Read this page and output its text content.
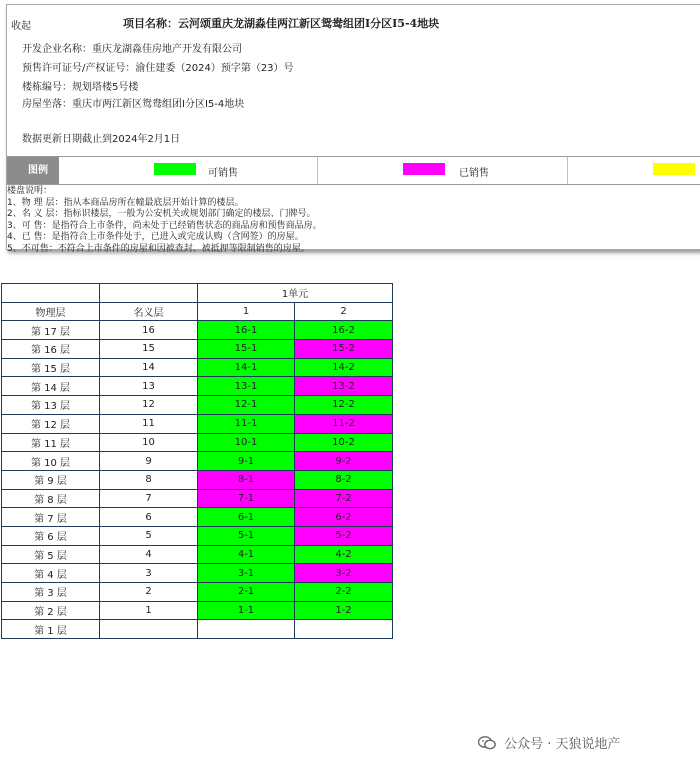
收起	项目名称：云河颂重庆龙湖淼佳两江新区鸳鸯组团I分区I5-4地块
开发企业名称：重庆龙湖淼佳房地产开发有限公司
预售许可证号/产权证号：渝住建委（2024）预字第（23）号
楼栋编号：规划塔楼5号楼
房屋坐落：重庆市两江新区鸳鸯组团I分区I5-4地块
数据更新日期截止到2024年2月1日
图例	可销售	已销售
楼盘说明：
1、物 理 层：指从本商品房所在幢最底层开始计算的楼层。
2、名 义 层：指标识楼层，一般为公安机关或规划部门确定的楼层、门牌号。
3、可 售：是指符合上市条件，尚未处于已经销售状态的商品房和预售商品房。
4、已 售：是指符合上市条件处于，已进入或完成认购（含网签）的房屋。
5、不可售：不符合上市条件的房屋和因被查封、被抵押等限制销售的房屋。
		1单元	
物理层	名义层	1	2
第 17 层	16	16-1	16-2
第 16 层	15	15-1	15-2
第 15 层	14	14-1	14-2
第 14 层	13	13-1	13-2
第 13 层	12	12-1	12-2
第 12 层	11	11-1	11-2
第 11 层	10	10-1	10-2
第 10 层	9	9-1	9-2
第 9 层	8	8-1	8-2
第 8 层	7	7-1	7-2
第 7 层	6	6-1	6-2
第 6 层	5	5-1	5-2
第 5 层	4	4-1	4-2
第 4 层	3	3-1	3-2
第 3 层	2	2-1	2-2
第 2 层	1	1-1	1-2
第 1 层			
公众号 · 天狼说地产
